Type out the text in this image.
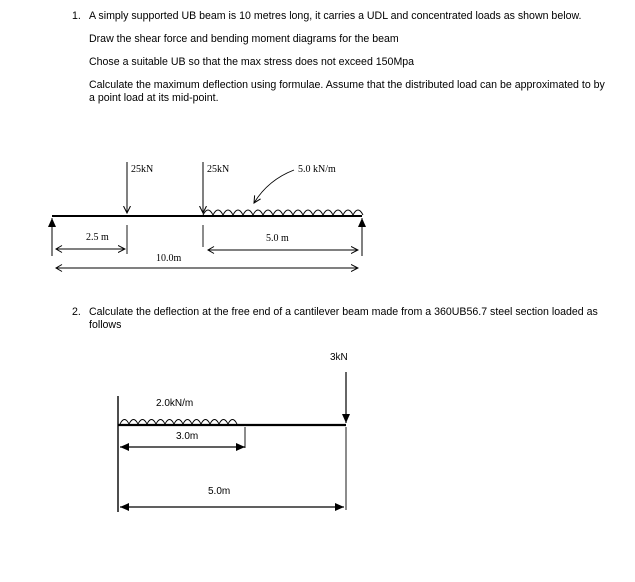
1. A simply supported UB beam is 10 metres long, it carries a UDL and concentrated loads as shown below.

Draw the shear force and bending moment diagrams for the beam

Chose a suitable UB so that the max stress does not exceed 150Mpa

Calculate the maximum deflection using formulae. Assume that the distributed load can be approximated to by a point load at its mid-point.

2. Calculate the deflection at the free end of a cantilever beam made from a 360UB56.7 steel section loaded as follows

25kN	25kN	5.0 kN/m
2.5 m	5.0 m
10.0m
2.0kN/m
3kN
3.0m
5.0m
